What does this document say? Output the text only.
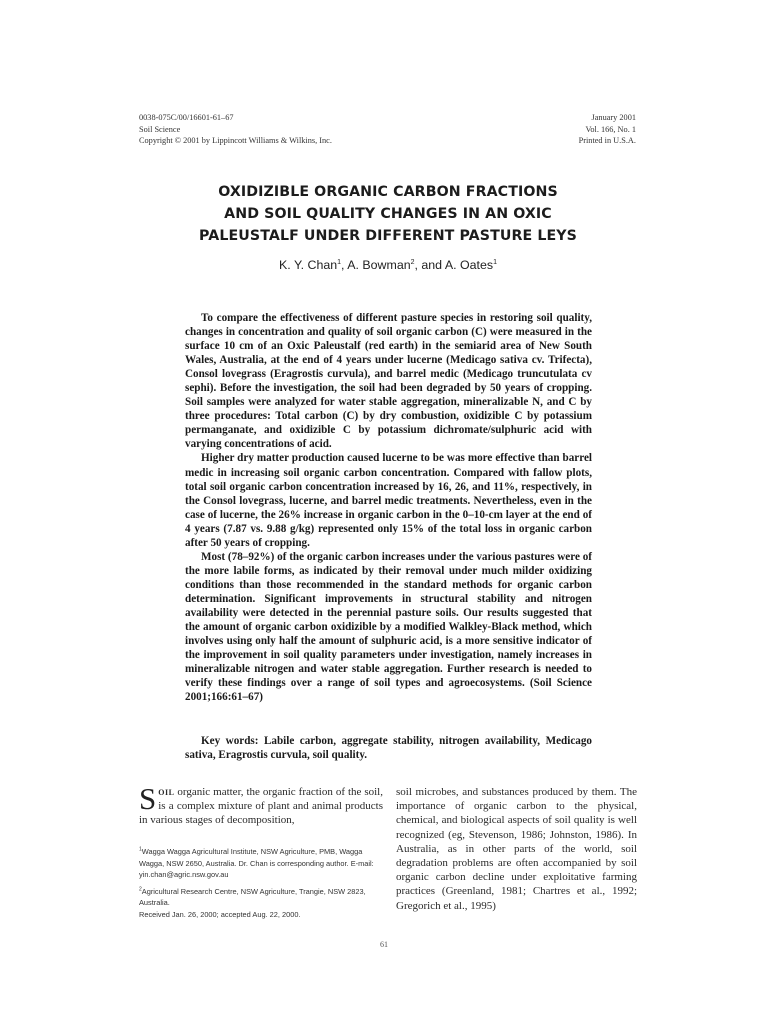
0038-075C/00/16601-61–67
Soil Science
Copyright © 2001 by Lippincott Williams & Wilkins, Inc.
January 2001
Vol. 166, No. 1
Printed in U.S.A.
OXIDIZIBLE ORGANIC CARBON FRACTIONS
AND SOIL QUALITY CHANGES IN AN OXIC
PALEUSTALF UNDER DIFFERENT PASTURE LEYS
K. Y. Chan$^1$, A. Bowman$^2$, and A. Oates$^1$

To compare the effectiveness of different pasture species in restoring soil quality, changes in concentration and quality of soil organic carbon (C) were measured in the surface 10 cm of an Oxic Paleustalf (red earth) in the semiarid area of New South Wales, Australia, at the end of 4 years under lucerne (Medicago sativa cv. Trifecta), Consol lovegrass (Eragrostis curvula), and barrel medic (Medicago truncutulata cv sephi). Before the investigation, the soil had been degraded by 50 years of cropping. Soil samples were analyzed for water stable aggregation, mineralizable N, and C by three procedures: Total carbon (C) by dry combustion, oxidizible C by potassium permanganate, and oxidizible C by potassium dichromate/sulphuric acid with varying concentrations of acid.

Higher dry matter production caused lucerne to be was more effective than barrel medic in increasing soil organic carbon concentration. Compared with fallow plots, total soil organic carbon concentration increased by 16, 26, and 11%, respectively, in the Consol lovegrass, lucerne, and barrel medic treatments. Nevertheless, even in the case of lucerne, the 26% increase in organic carbon in the 0–10-cm layer at the end of 4 years (7.87 vs. 9.88 g/kg) represented only 15% of the total loss in organic carbon after 50 years of cropping.

Most (78–92%) of the organic carbon increases under the various pastures were of the more labile forms, as indicated by their removal under much milder oxidizing conditions than those recommended in the standard methods for organic carbon determination. Significant improvements in structural stability and nitrogen availability were detected in the perennial pasture soils. Our results suggested that the amount of organic carbon oxidizible by a modified Walkley-Black method, which involves using only half the amount of sulphuric acid, is a more sensitive indicator of the improvement in soil quality parameters under investigation, namely increases in mineralizable nitrogen and water stable aggregation. Further research is needed to verify these findings over a range of soil types and agroecosystems. (Soil Science 2001;166:61–67)

Key words: Labile carbon, aggregate stability, nitrogen availability, Medicago sativa, Eragrostis curvula, soil quality.

Soil organic matter, the organic fraction of the soil, is a complex mixture of plant and animal products in various stages of decomposition,

$^1$Wagga Wagga Agricultural Institute, NSW Agriculture, PMB, Wagga Wagga, NSW 2650, Australia. Dr. Chan is corresponding author. E-mail: yin.chan@agric.nsw.gov.au

$^2$Agricultural Research Centre, NSW Agriculture, Trangie, NSW 2823, Australia.
Received Jan. 26, 2000; accepted Aug. 22, 2000.

soil microbes, and substances produced by them. The importance of organic carbon to the physical, chemical, and biological aspects of soil quality is well recognized (eg, Stevenson, 1986; Johnston, 1986). In Australia, as in other parts of the world, soil degradation problems are often accompanied by soil organic carbon decline under exploitative farming practices (Greenland, 1981; Chartres et al., 1992; Gregorich et al., 1995)

61
